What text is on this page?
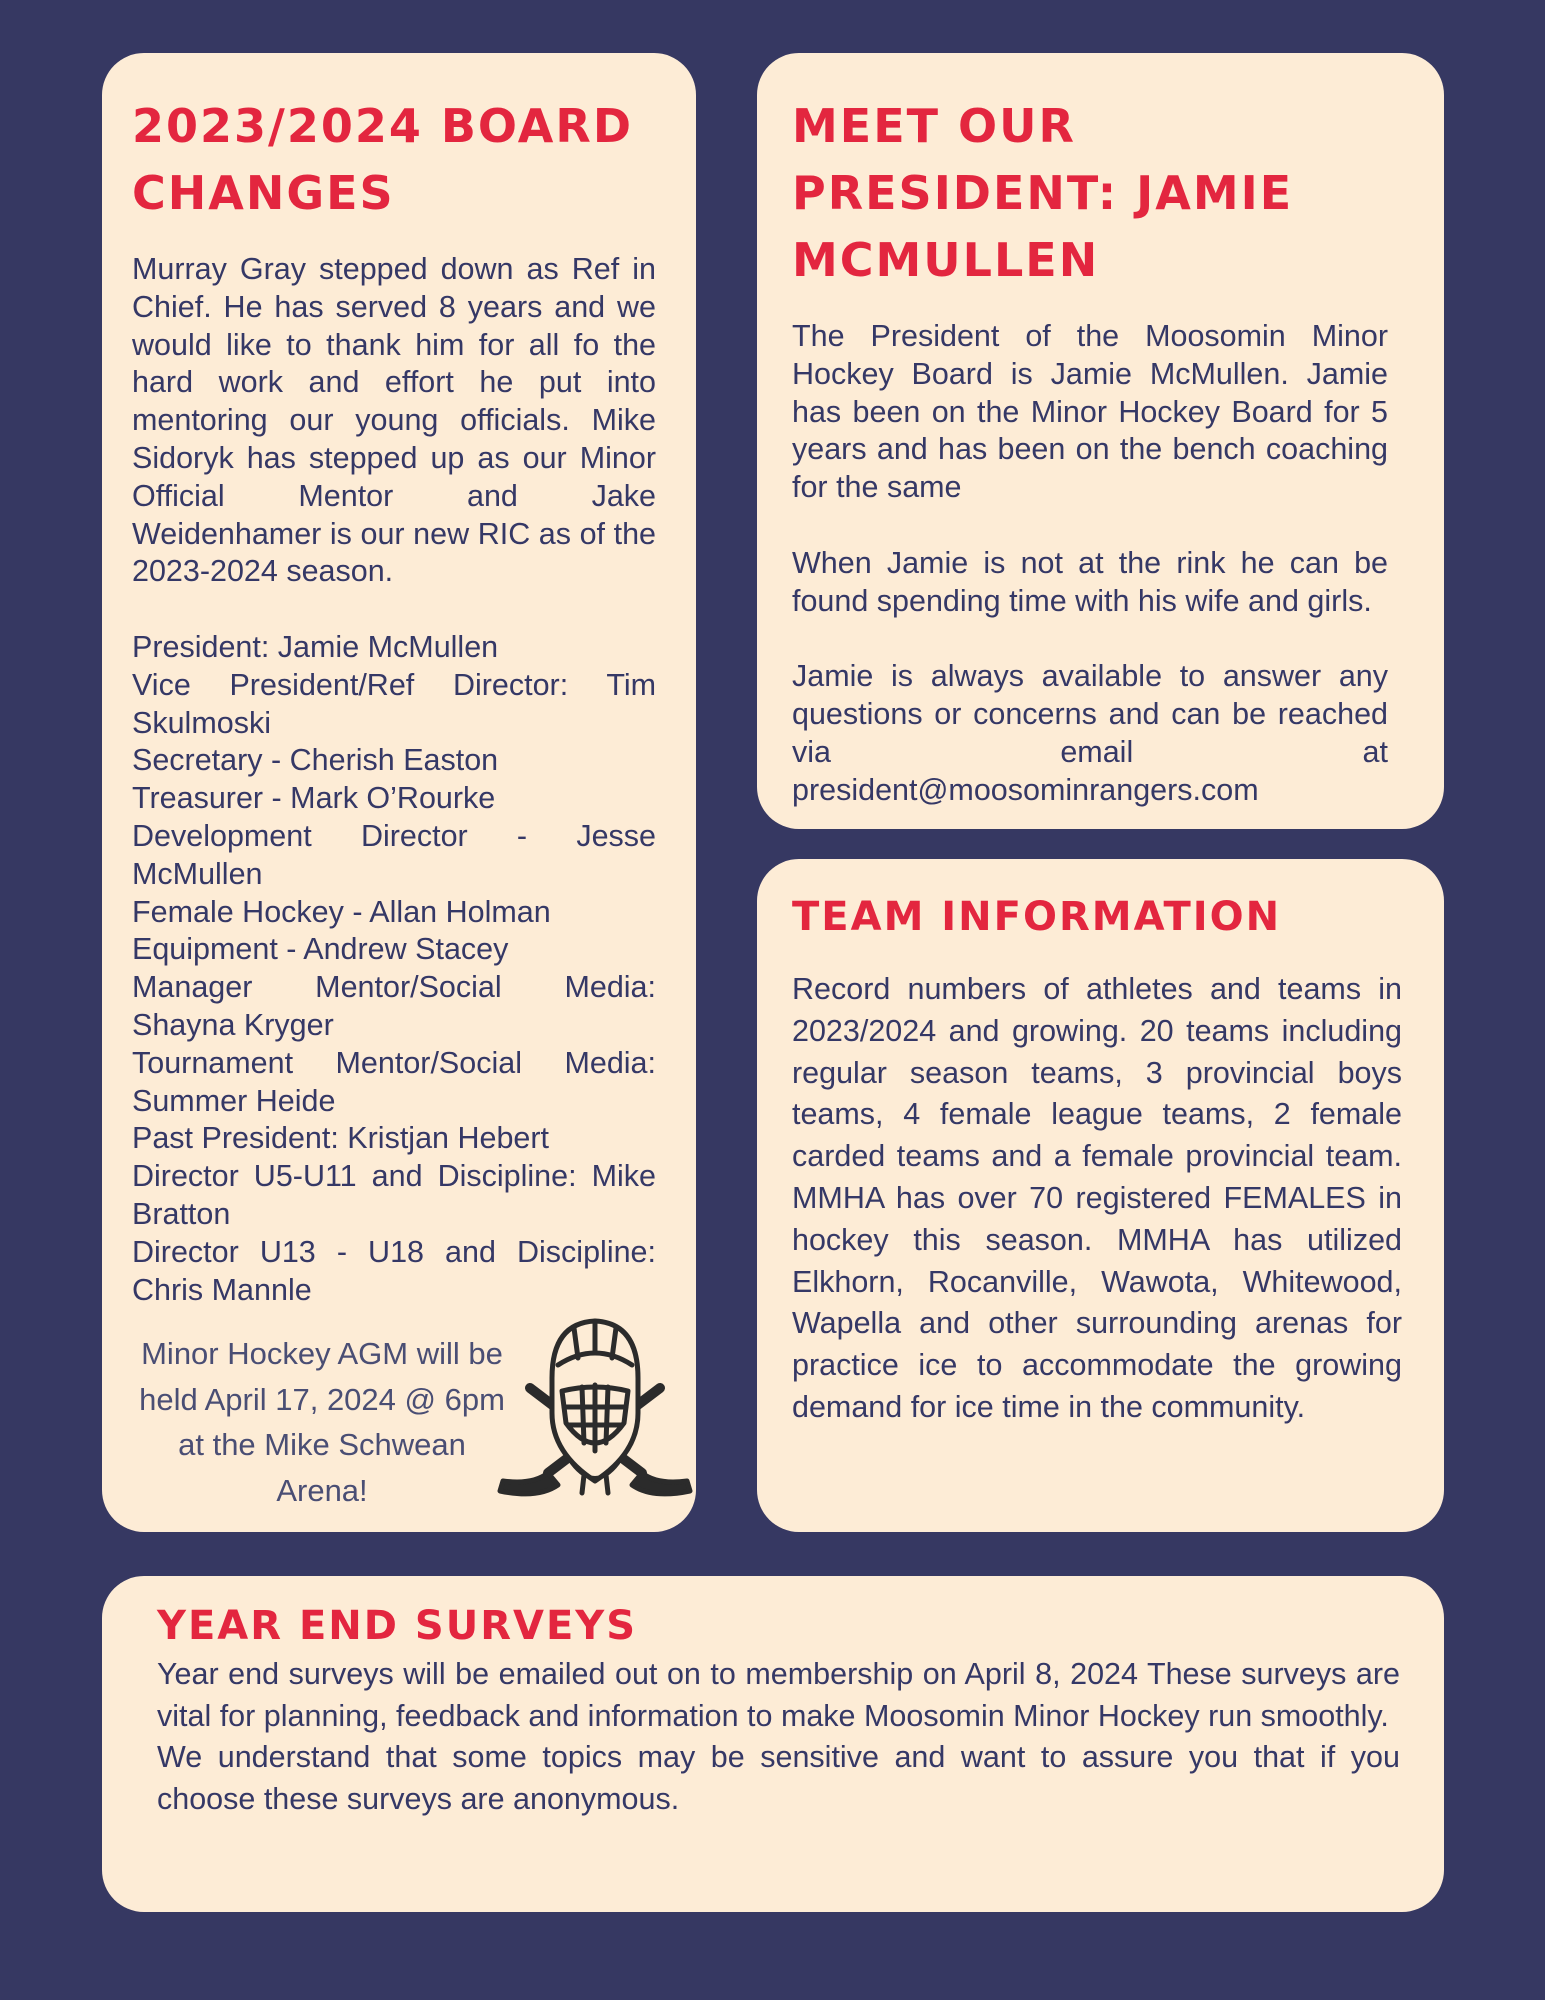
2023/2024 BOARD CHANGES

Murray Gray stepped down as Ref in Chief. He has served 8 years and we would like to thank him for all fo the hard work and effort he put into mentoring our young officials. Mike Sidoryk has stepped up as our Minor Official Mentor and Jake Weidenhamer is our new RIC as of the 2023-2024 season.

President: Jamie McMullen
Vice President/Ref Director: Tim Skulmoski
Secretary - Cherish Easton
Treasurer - Mark O’Rourke
Development Director - Jesse McMullen
Female Hockey - Allan Holman
Equipment - Andrew Stacey
Manager Mentor/Social Media: Shayna Kryger
Tournament Mentor/Social Media: Summer Heide
Past President: Kristjan Hebert
Director U5-U11 and Discipline: Mike Bratton
Director U13 - U18 and Discipline: Chris Mannle
Minor Hockey AGM will be held April 17, 2024 @ 6pm at the Mike Schwean Arena!
MEET OUR PRESIDENT: JAMIE MCMULLEN

The President of the Moosomin Minor Hockey Board is Jamie McMullen. Jamie has been on the Minor Hockey Board for 5 years and has been on the bench coaching for the same

When Jamie is not at the rink he can be found spending time with his wife and girls.

Jamie is always available to answer any questions or concerns and can be reached via email at president@moosominrangers.com

TEAM INFORMATION

Record numbers of athletes and teams in 2023/2024 and growing. 20 teams including regular season teams, 3 provincial boys teams, 4 female league teams, 2 female carded teams and a female provincial team. MMHA has over 70 registered FEMALES in hockey this season. MMHA has utilized Elkhorn, Rocanville, Wawota, Whitewood, Wapella and other surrounding arenas for practice ice to accommodate the growing demand for ice time in the community.

YEAR END SURVEYS

Year end surveys will be emailed out on to membership on April 8, 2024 These surveys are vital for planning, feedback and information to make Moosomin Minor Hockey run smoothly.

We understand that some topics may be sensitive and want to assure you that if you choose these surveys are anonymous.
